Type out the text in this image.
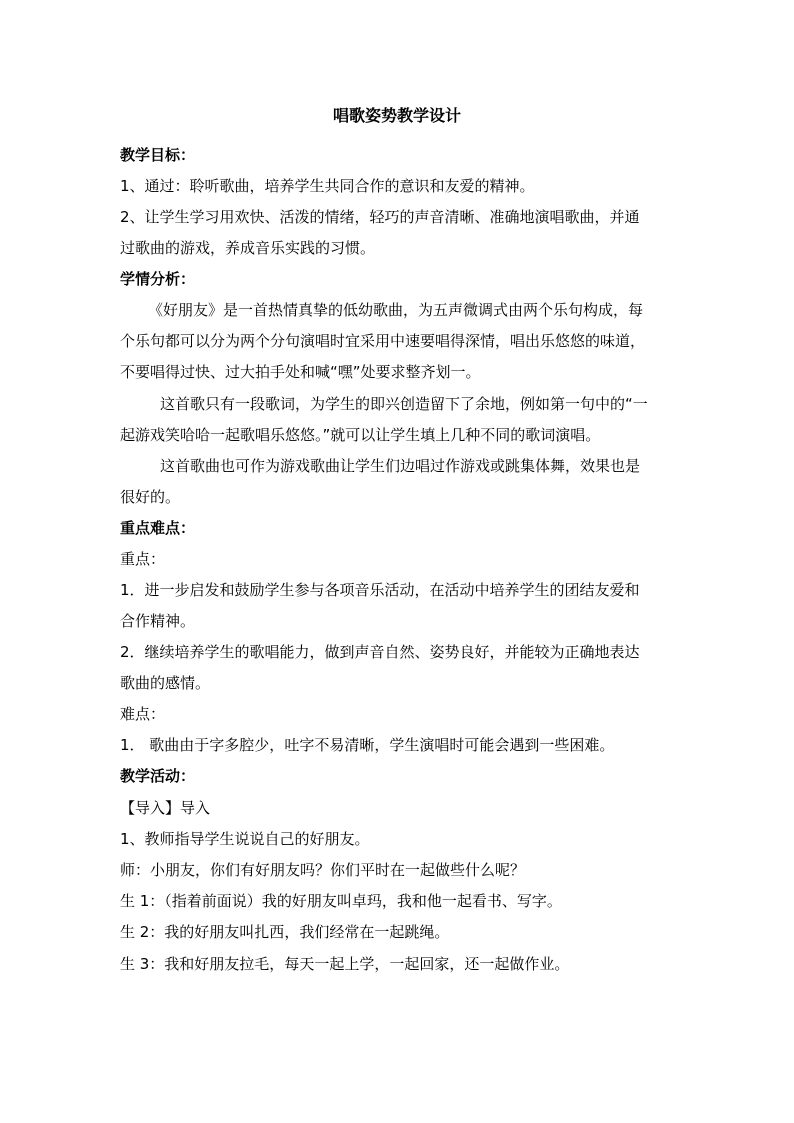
唱歌姿势教学设计
教学目标：
1、通过：聆听歌曲，培养学生共同合作的意识和友爱的精神。
2、让学生学习用欢快、活泼的情绪，轻巧的声音清晰、准确地演唱歌曲，并通
过歌曲的游戏，养成音乐实践的习惯。
学情分析：
《好朋友》是一首热情真挚的低幼歌曲，为五声微调式由两个乐句构成，每
个乐句都可以分为两个分句演唱时宜采用中速要唱得深情，唱出乐悠悠的味道，
不要唱得过快、过大拍手处和喊“嘿”处要求整齐划一。
这首歌只有一段歌词，为学生的即兴创造留下了余地，例如第一句中的“一
起游戏笑哈哈一起歌唱乐悠悠。”就可以让学生填上几种不同的歌词演唱。
这首歌曲也可作为游戏歌曲让学生们边唱过作游戏或跳集体舞，效果也是
很好的。
重点难点：
重点：
1．进一步启发和鼓励学生参与各项音乐活动，在活动中培养学生的团结友爱和
合作精神。
2．继续培养学生的歌唱能力，做到声音自然、姿势良好，并能较为正确地表达
歌曲的感情。
难点：
1． 歌曲由于字多腔少，吐字不易清晰，学生演唱时可能会遇到一些困难。
教学活动：
【导入】导入
1、教师指导学生说说自己的好朋友。
师：小朋友，你们有好朋友吗？你们平时在一起做些什么呢？
生 1：（指着前面说）我的好朋友叫卓玛，我和他一起看书、写字。
生 2：我的好朋友叫扎西，我们经常在一起跳绳。
生 3：我和好朋友拉毛，每天一起上学，一起回家，还一起做作业。
